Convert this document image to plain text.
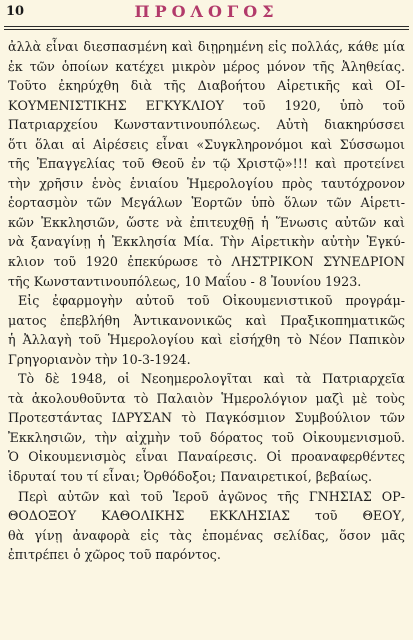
10	ΠΡΟΛΟΓΟΣ
ἀλλὰ εἶναι διεσπασμένη καὶ διῃρημένη εἰς πολλάς, κάθε μία
ἐκ τῶν ὁποίων κατέχει μικρὸν μέρος μόνον τῆς Ἀληθείας.
Τοῦτο ἐκηρύχθη διὰ τῆς Διαβοήτου Αἱρετικῆς καὶ ΟΙ-
ΚΟΥΜΕΝΙΣΤΙΚΗΣ ΕΓΚΥΚΛΙΟΥ τοῦ 1920, ὑπὸ τοῦ
Πατριαρχείου Κωνσταντινουπόλεως. Αὐτὴ διακηρύσσει
ὅτι ὅλαι αἱ Αἱρέσεις εἶναι «Συγκληρονόμοι καὶ Σύσσωμοι
τῆς Ἐπαγγελίας τοῦ Θεοῦ ἐν τῷ Χριστῷ»!!! καὶ προτείνει
τὴν χρῆσιν ἑνὸς ἑνιαίου Ἡμερολογίου πρὸς ταυτόχρονον
ἑορτασμὸν τῶν Μεγάλων Ἑορτῶν ὑπὸ ὅλων τῶν Αἱρετι-
κῶν Ἐκκλησιῶν, ὥστε νὰ ἐπιτευχθῇ ἡ Ἕνωσις αὐτῶν καὶ
νὰ ξαναγίνῃ ἡ Ἐκκλησία Μία. Τὴν Αἱρετικὴν αὐτὴν Ἐγκύ-
κλιον τοῦ 1920 ἐπεκύρωσε τὸ ΛΗΣΤΡΙΚΟΝ ΣΥΝΕΔΡΙΟΝ
τῆς Κωνσταντινουπόλεως, 10 Μαΐου - 8 Ἰουνίου 1923.
Εἰς ἐφαρμογὴν αὐτοῦ τοῦ Οἰκουμενιστικοῦ προγράμ-
ματος ἐπεβλήθη Ἀντικανονικῶς καὶ Πραξικοπηματικῶς
ἡ Ἀλλαγὴ τοῦ Ἡμερολογίου καὶ εἰσήχθη τὸ Νέον Παπικὸν
Γρηγοριανὸν τὴν 10-3-1924.
Τὸ δὲ 1948, οἱ Νεοημερολογῖται καὶ τὰ Πατριαρχεῖα
τὰ ἀκολουθοῦντα τὸ Παλαιὸν Ἡμερολόγιον μαζὶ μὲ τοὺς
Προτεστάντας ΙΔΡΥΣΑΝ τὸ Παγκόσμιον Συμβούλιον τῶν
Ἐκκλησιῶν, τὴν αἰχμὴν τοῦ δόρατος τοῦ Οἰκουμενισμοῦ.
Ὁ Οἰκουμενισμὸς εἶναι Παναίρεσις. Οἱ προαναφερθέντες
ἱδρυταί του τί εἶναι; Ὀρθόδοξοι; Παναιρετικοί, βεβαίως.
Περὶ αὐτῶν καὶ τοῦ Ἱεροῦ ἀγῶνος τῆς ΓΝΗΣΙΑΣ ΟΡ-
ΘΟΔΟΞΟΥ ΚΑΘΟΛΙΚΗΣ ΕΚΚΛΗΣΙΑΣ τοῦ ΘΕΟΥ,
θὰ γίνῃ ἀναφορὰ εἰς τὰς ἑπομένας σελίδας, ὅσον μᾶς
ἐπιτρέπει ὁ χῶρος τοῦ παρόντος.
